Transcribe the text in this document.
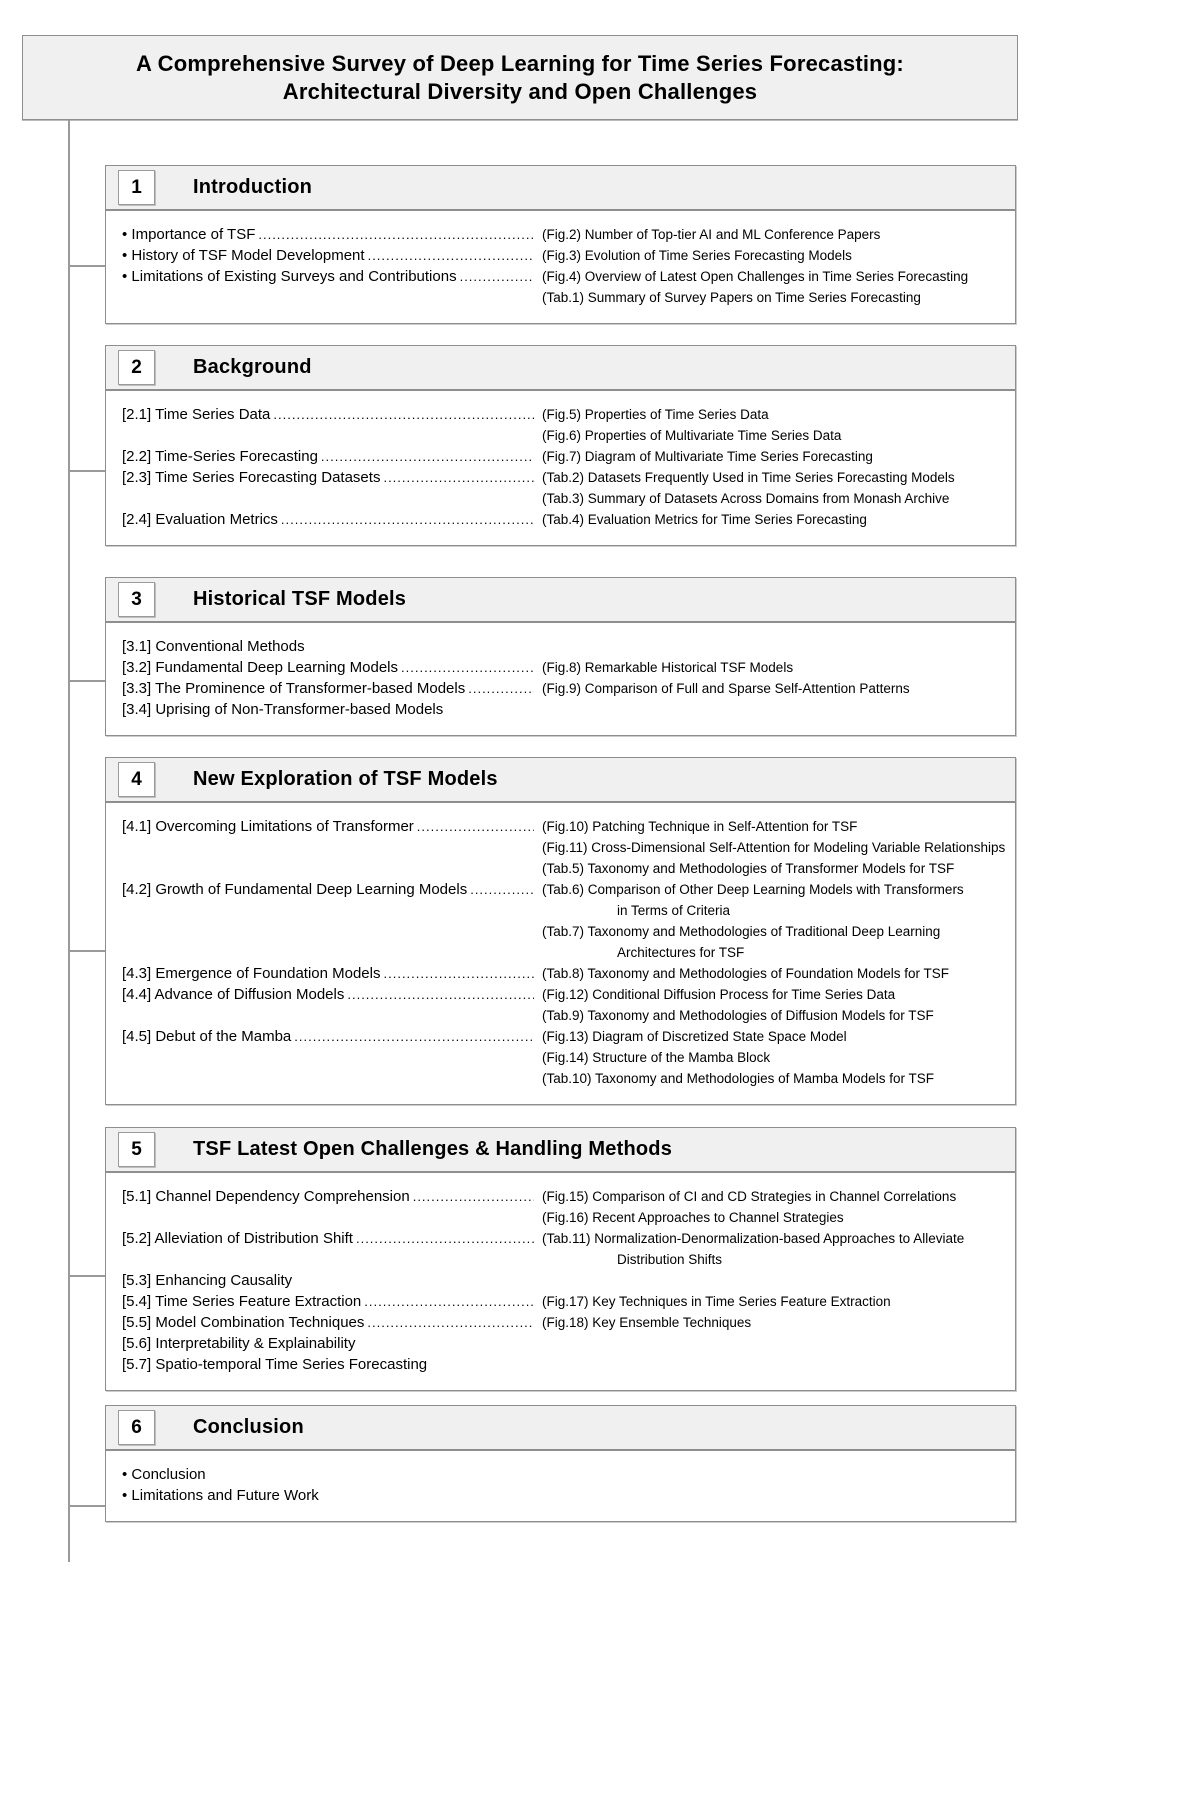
A Comprehensive Survey of Deep Learning for Time Series Forecasting:
Architectural Diversity and Open Challenges
1	Introduction
• Importance of TSF .....	(Fig.2) Number of Top-tier AI and ML Conference Papers
• History of TSF Model Development .....	(Fig.3) Evolution of Time Series Forecasting Models
• Limitations of Existing Surveys and Contributions .....	(Fig.4) Overview of Latest Open Challenges in Time Series Forecasting
(Tab.1) Summary of Survey Papers on Time Series Forecasting
2	Background
[2.1] Time Series Data .....	(Fig.5) Properties of Time Series Data
(Fig.6) Properties of Multivariate Time Series Data
[2.2] Time-Series Forecasting .....	(Fig.7) Diagram of Multivariate Time Series Forecasting
[2.3] Time Series Forecasting Datasets .....	(Tab.2) Datasets Frequently Used in Time Series Forecasting Models
(Tab.3) Summary of Datasets Across Domains from Monash Archive
[2.4] Evaluation Metrics .....	(Tab.4) Evaluation Metrics for Time Series Forecasting
3	Historical TSF Models
[3.1] Conventional Methods
[3.2] Fundamental Deep Learning Models .....	(Fig.8) Remarkable Historical TSF Models
[3.3] The Prominence of Transformer-based Models .....	(Fig.9) Comparison of Full and Sparse Self-Attention Patterns
[3.4] Uprising of Non-Transformer-based Models
4	New Exploration of TSF Models
[4.1] Overcoming Limitations of Transformer .....	(Fig.10) Patching Technique in Self-Attention for TSF
(Fig.11) Cross-Dimensional Self-Attention for Modeling Variable Relationships
(Tab.5) Taxonomy and Methodologies of Transformer Models for TSF
[4.2] Growth of Fundamental Deep Learning Models .....	(Tab.6) Comparison of Other Deep Learning Models with Transformers
in Terms of Criteria
(Tab.7) Taxonomy and Methodologies of Traditional Deep Learning
Architectures for TSF
[4.3] Emergence of Foundation Models .....	(Tab.8) Taxonomy and Methodologies of Foundation Models for TSF
[4.4] Advance of Diffusion Models .....	(Fig.12) Conditional Diffusion Process for Time Series Data
(Tab.9) Taxonomy and Methodologies of Diffusion Models for TSF
[4.5] Debut of the Mamba .....	(Fig.13) Diagram of Discretized State Space Model
(Fig.14) Structure of the Mamba Block
(Tab.10) Taxonomy and Methodologies of Mamba Models for TSF
5	TSF Latest Open Challenges & Handling Methods
[5.1] Channel Dependency Comprehension .....	(Fig.15) Comparison of CI and CD Strategies in Channel Correlations
(Fig.16) Recent Approaches to Channel Strategies
[5.2] Alleviation of Distribution Shift .....	(Tab.11) Normalization-Denormalization-based Approaches to Alleviate
Distribution Shifts
[5.3] Enhancing Causality
[5.4] Time Series Feature Extraction .....	(Fig.17) Key Techniques in Time Series Feature Extraction
[5.5] Model Combination Techniques .....	(Fig.18) Key Ensemble Techniques
[5.6] Interpretability & Explainability
[5.7] Spatio-temporal Time Series Forecasting
6	Conclusion
• Conclusion
• Limitations and Future Work
